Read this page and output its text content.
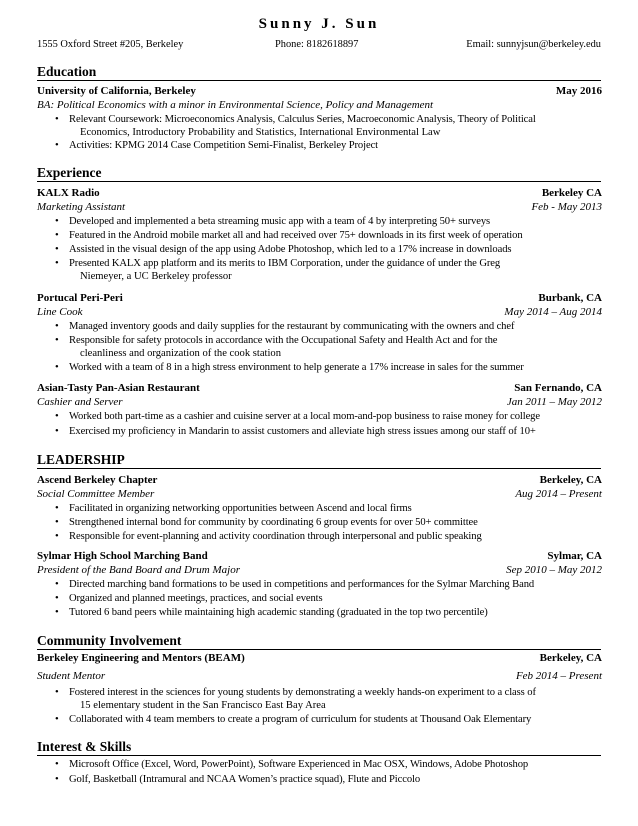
Sunny J. Sun
1555 Oxford Street #205, Berkeley	Phone: 8182618897	Email: sunnyjsun@berkeley.edu
Education
University of California, Berkeley	May 2016
BA: Political Economics with a minor in Environmental Science, Policy and Management
• Relevant Coursework: Microeconomics Analysis, Calculus Series, Macroeconomic Analysis, Theory of Political
Economics, Introductory Probability and Statistics, International Environmental Law
• Activities: KPMG 2014 Case Competition Semi-Finalist, Berkeley Project
Experience
KALX Radio	Berkeley CA
Marketing Assistant	Feb - May 2013
• Developed and implemented a beta streaming music app with a team of 4 by interpreting 50+ surveys
• Featured in the Android mobile market all and had received over 75+ downloads in its first week of operation
• Assisted in the visual design of the app using Adobe Photoshop, which led to a 17% increase in downloads
• Presented KALX app platform and its merits to IBM Corporation, under the guidance of under the Greg
Niemeyer, a UC Berkeley professor
Portucal Peri-Peri	Burbank, CA
Line Cook	May 2014 – Aug 2014
• Managed inventory goods and daily supplies for the restaurant by communicating with the owners and chef
• Responsible for safety protocols in accordance with the Occupational Safety and Health Act and for the
cleanliness and organization of the cook station
• Worked with a team of 8 in a high stress environment to help generate a 17% increase in sales for the summer
Asian-Tasty Pan-Asian Restaurant	San Fernando, CA
Cashier and Server	Jan 2011 – May 2012
• Worked both part-time as a cashier and cuisine server at a local mom-and-pop business to raise money for college
• Exercised my proficiency in Mandarin to assist customers and alleviate high stress issues among our staff of 10+
LEADERSHIP
Ascend Berkeley Chapter	Berkeley, CA
Social Committee Member	Aug 2014 – Present
• Facilitated in organizing networking opportunities between Ascend and local firms
• Strengthened internal bond for community by coordinating 6 group events for over 50+ committee
• Responsible for event-planning and activity coordination through interpersonal and public speaking
Sylmar High School Marching Band	Sylmar, CA
President of the Band Board and Drum Major	Sep 2010 – May 2012
• Directed marching band formations to be used in competitions and performances for the Sylmar Marching Band
• Organized and planned meetings, practices, and social events
• Tutored 6 band peers while maintaining high academic standing (graduated in the top two percentile)
Community Involvement
Berkeley Engineering and Mentors (BEAM)	Berkeley, CA
Student Mentor	Feb 2014 – Present
• Fostered interest in the sciences for young students by demonstrating a weekly hands-on experiment to a class of
15 elementary student in the San Francisco East Bay Area
• Collaborated with 4 team members to create a program of curriculum for students at Thousand Oak Elementary
Interest & Skills
• Microsoft Office (Excel, Word, PowerPoint), Software Experienced in Mac OSX, Windows, Adobe Photoshop
• Golf, Basketball (Intramural and NCAA Women’s practice squad), Flute and Piccolo
